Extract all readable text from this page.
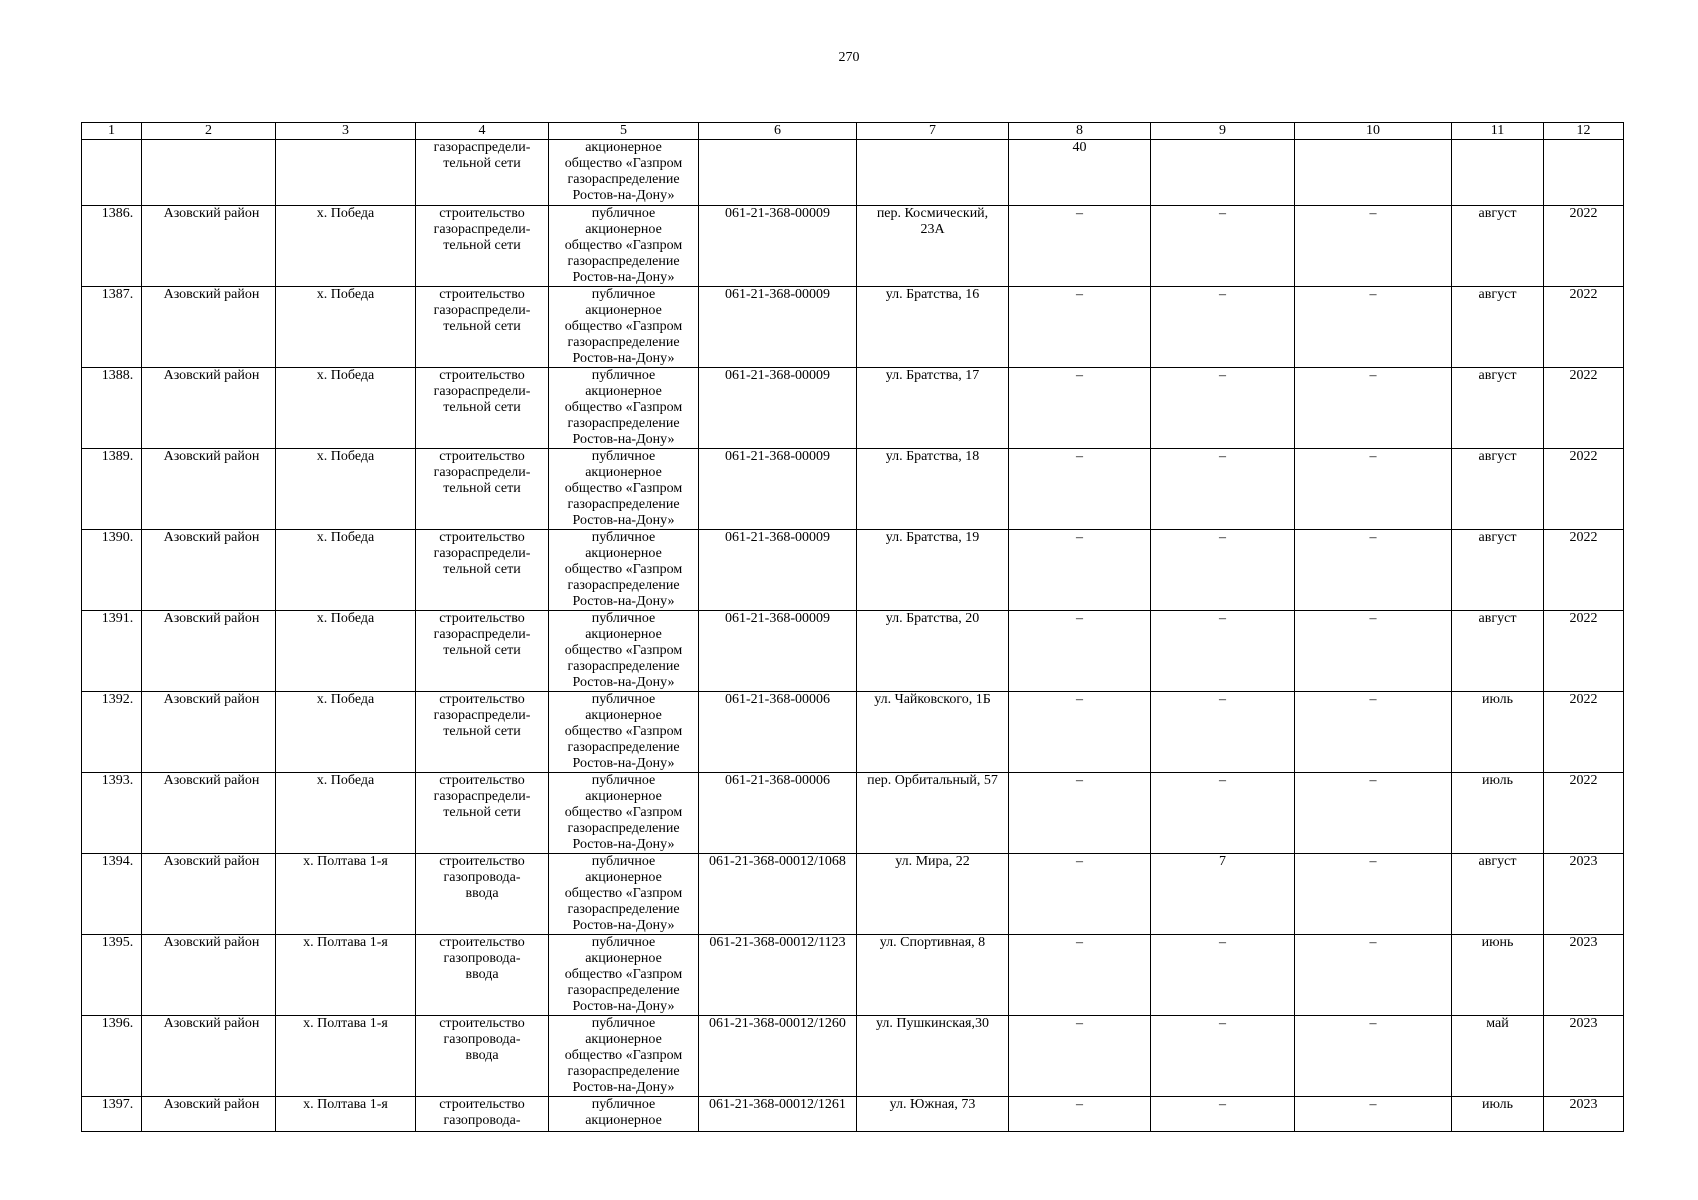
270
1	2	3	4	5	6	7	8	9	10	11	12
			газораспредели-
тельной сети	акционерное
общество «Газпром
газораспределение
Ростов-на-Дону»			40				
1386.	Азовский район	х. Победа	строительство
газораспредели-
тельной сети	публичное
акционерное
общество «Газпром
газораспределение
Ростов-на-Дону»	061-21-368-00009	пер. Космический,
23А	–	–	–	август	2022
1387.	Азовский район	х. Победа	строительство
газораспредели-
тельной сети	публичное
акционерное
общество «Газпром
газораспределение
Ростов-на-Дону»	061-21-368-00009	ул. Братства, 16	–	–	–	август	2022
1388.	Азовский район	х. Победа	строительство
газораспредели-
тельной сети	публичное
акционерное
общество «Газпром
газораспределение
Ростов-на-Дону»	061-21-368-00009	ул. Братства, 17	–	–	–	август	2022
1389.	Азовский район	х. Победа	строительство
газораспредели-
тельной сети	публичное
акционерное
общество «Газпром
газораспределение
Ростов-на-Дону»	061-21-368-00009	ул. Братства, 18	–	–	–	август	2022
1390.	Азовский район	х. Победа	строительство
газораспредели-
тельной сети	публичное
акционерное
общество «Газпром
газораспределение
Ростов-на-Дону»	061-21-368-00009	ул. Братства, 19	–	–	–	август	2022
1391.	Азовский район	х. Победа	строительство
газораспредели-
тельной сети	публичное
акционерное
общество «Газпром
газораспределение
Ростов-на-Дону»	061-21-368-00009	ул. Братства, 20	–	–	–	август	2022
1392.	Азовский район	х. Победа	строительство
газораспредели-
тельной сети	публичное
акционерное
общество «Газпром
газораспределение
Ростов-на-Дону»	061-21-368-00006	ул. Чайковского, 1Б	–	–	–	июль	2022
1393.	Азовский район	х. Победа	строительство
газораспредели-
тельной сети	публичное
акционерное
общество «Газпром
газораспределение
Ростов-на-Дону»	061-21-368-00006	пер. Орбитальный, 57	–	–	–	июль	2022
1394.	Азовский район	х. Полтава 1-я	строительство
газопровода-
ввода	публичное
акционерное
общество «Газпром
газораспределение
Ростов-на-Дону»	061-21-368-00012/1068	ул. Мира, 22	–	7	–	август	2023
1395.	Азовский район	х. Полтава 1-я	строительство
газопровода-
ввода	публичное
акционерное
общество «Газпром
газораспределение
Ростов-на-Дону»	061-21-368-00012/1123	ул. Спортивная, 8	–	–	–	июнь	2023
1396.	Азовский район	х. Полтава 1-я	строительство
газопровода-
ввода	публичное
акционерное
общество «Газпром
газораспределение
Ростов-на-Дону»	061-21-368-00012/1260	ул. Пушкинская,30	–	–	–	май	2023
1397.	Азовский район	х. Полтава 1-я	строительство
газопровода-	публичное
акционерное	061-21-368-00012/1261	ул. Южная, 73	–	–	–	июль	2023
